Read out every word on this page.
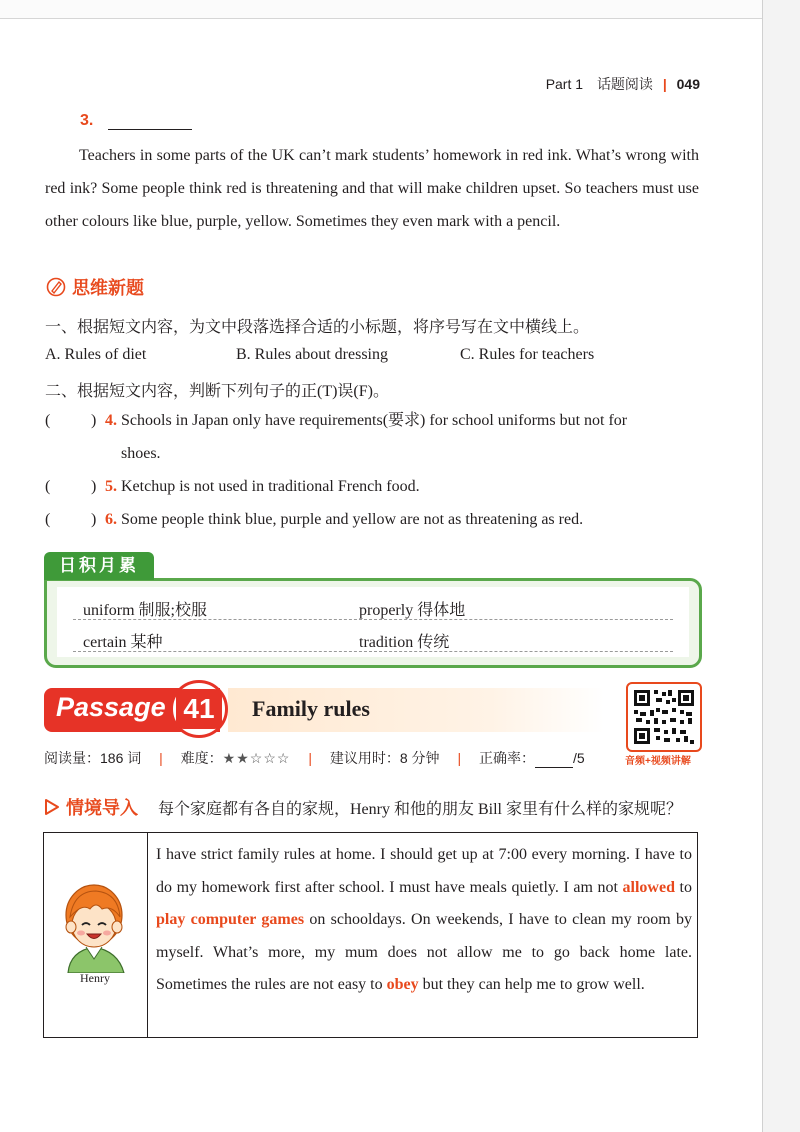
Part 1 话题阅读 | 049
3.

Teachers in some parts of the UK can’t mark students’ homework in red ink. What’s wrong with red ink? Some people think red is threatening and that will make children upset. So teachers must use other colours like blue, purple, yellow. Sometimes they even mark with a pencil.

思维新题
一、根据短文内容，为文中段落选择合适的小标题，将序号写在文中横线上。
A. Rules of diet	B. Rules about dressing	C. Rules for teachers
二、根据短文内容，判断下列句子的正(T)误(F)。
(	) 4. Schools in Japan only have requirements(要求) for school uniforms but not for
shoes.
(	) 5. Ketchup is not used in traditional French food.
(	) 6. Some people think blue, purple and yellow are not as threatening as red.
uniform 制服;校服	properly 得体地
certain 某种	tradition 传统
日积月累
Passage 41	Family rules
音频+视频讲解
阅读量：186 词 | 难度：★★☆☆☆ | 建议用时：8 分钟 | 正确率：	/5
情境导入 每个家庭都有各自的家规，Henry 和他的朋友 Bill 家里有什么样的家规呢？
Henry
I have strict family rules at home. I should get up at 7:00 every morning. I have to do my homework first after school. I must have meals quietly. I am not allowed to play computer games on schooldays. On weekends, I have to clean my room by myself. What’s more, my mum does not allow me to go back home late. Sometimes the rules are not easy to obey but they can help me to grow well.
